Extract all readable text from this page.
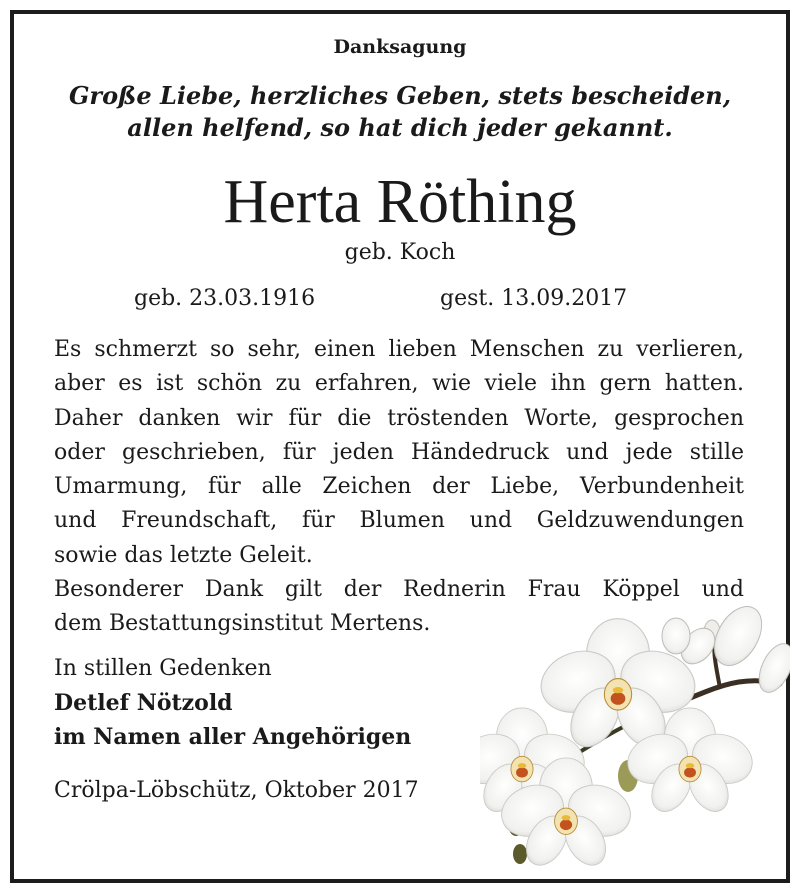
Danksagung
Große Liebe, herzliches Geben, stets bescheiden,
allen helfend, so hat dich jeder gekannt.
Herta Röthing
geb. Koch
geb. 23.03.1916	gest. 13.09.2017
Es schmerzt so sehr, einen lieben Menschen zu verlieren,
aber es ist schön zu erfahren, wie viele ihn gern hatten.
Daher danken wir für die tröstenden Worte, gesprochen
oder geschrieben, für jeden Händedruck und jede stille
Umarmung, für alle Zeichen der Liebe, Verbundenheit
und Freundschaft, für Blumen und Geldzuwendungen
sowie das letzte Geleit.
Besonderer Dank gilt der Rednerin Frau Köppel und
dem Bestattungsinstitut Mertens.
In stillen Gedenken
Detlef Nötzold
im Namen aller Angehörigen
Crölpa-Löbschütz, Oktober 2017
